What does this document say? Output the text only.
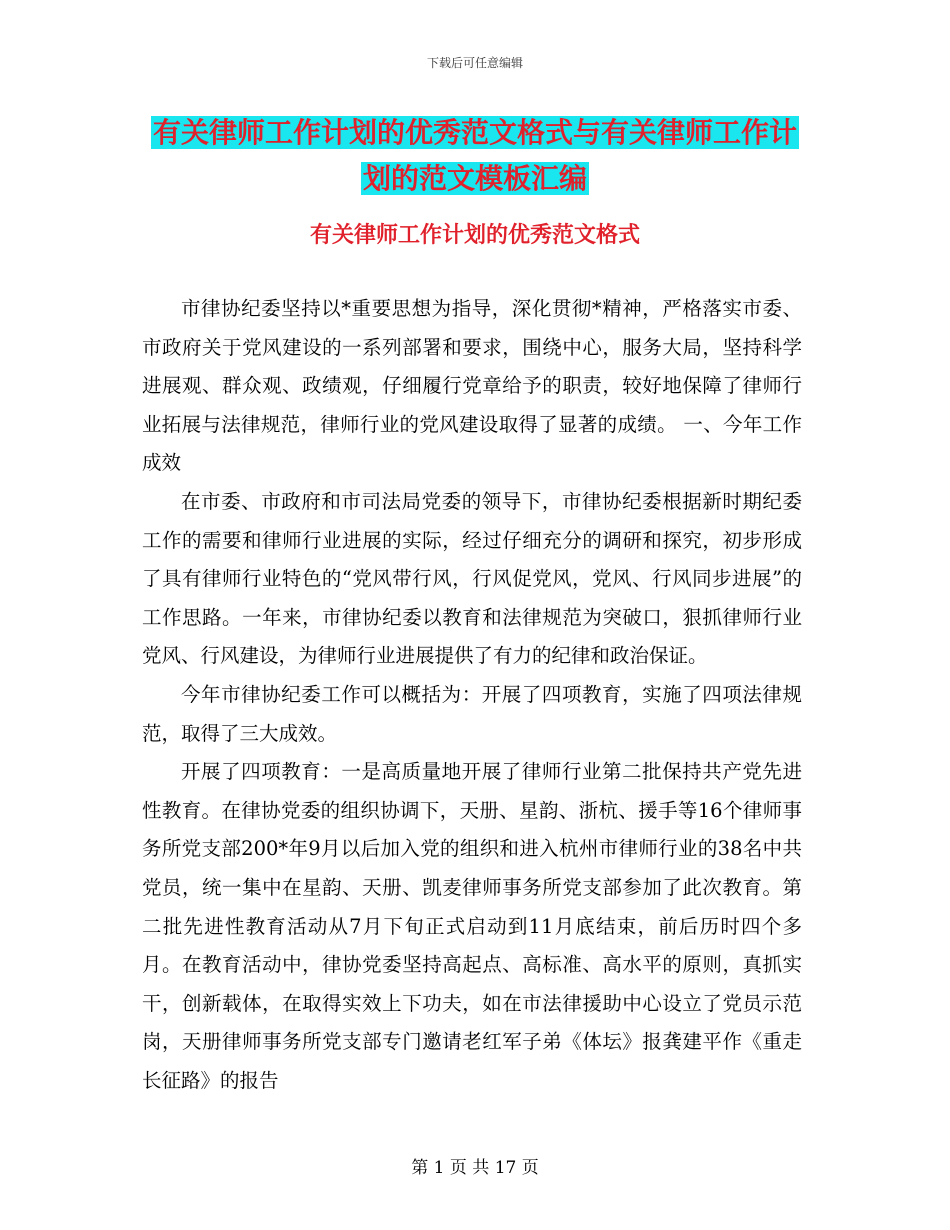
下载后可任意编辑
有关律师工作计划的优秀范文格式与有关律师工作计
划的范文模板汇编
有关律师工作计划的优秀范文格式

市律协纪委坚持以*重要思想为指导，深化贯彻*精神，严格落实市委、市政府关于党风建设的一系列部署和要求，围绕中心，服务大局，坚持科学进展观、群众观、政绩观，仔细履行党章给予的职责，较好地保障了律师行业拓展与法律规范，律师行业的党风建设取得了显著的成绩。 一、今年工作成效

在市委、市政府和市司法局党委的领导下，市律协纪委根据新时期纪委工作的需要和律师行业进展的实际，经过仔细充分的调研和探究，初步形成了具有律师行业特色的“党风带行风，行风促党风，党风、行风同步进展”的工作思路。一年来，市律协纪委以教育和法律规范为突破口，狠抓律师行业党风、行风建设，为律师行业进展提供了有力的纪律和政治保证。

今年市律协纪委工作可以概括为：开展了四项教育，实施了四项法律规范，取得了三大成效。

开展了四项教育：一是高质量地开展了律师行业第二批保持共产党先进性教育。在律协党委的组织协调下，天册、星韵、浙杭、援手等16个律师事务所党支部200*年9月以后加入党的组织和进入杭州市律师行业的38名中共党员，统一集中在星韵、天册、凯麦律师事务所党支部参加了此次教育。第二批先进性教育活动从7月下旬正式启动到11月底结束，前后历时四个多月。在教育活动中，律协党委坚持高起点、高标准、高水平的原则，真抓实干，创新载体，在取得实效上下功夫，如在市法律援助中心设立了党员示范岗，天册律师事务所党支部专门邀请老红军子弟《体坛》报龚建平作《重走长征路》的报告

第 1 页 共 17 页
